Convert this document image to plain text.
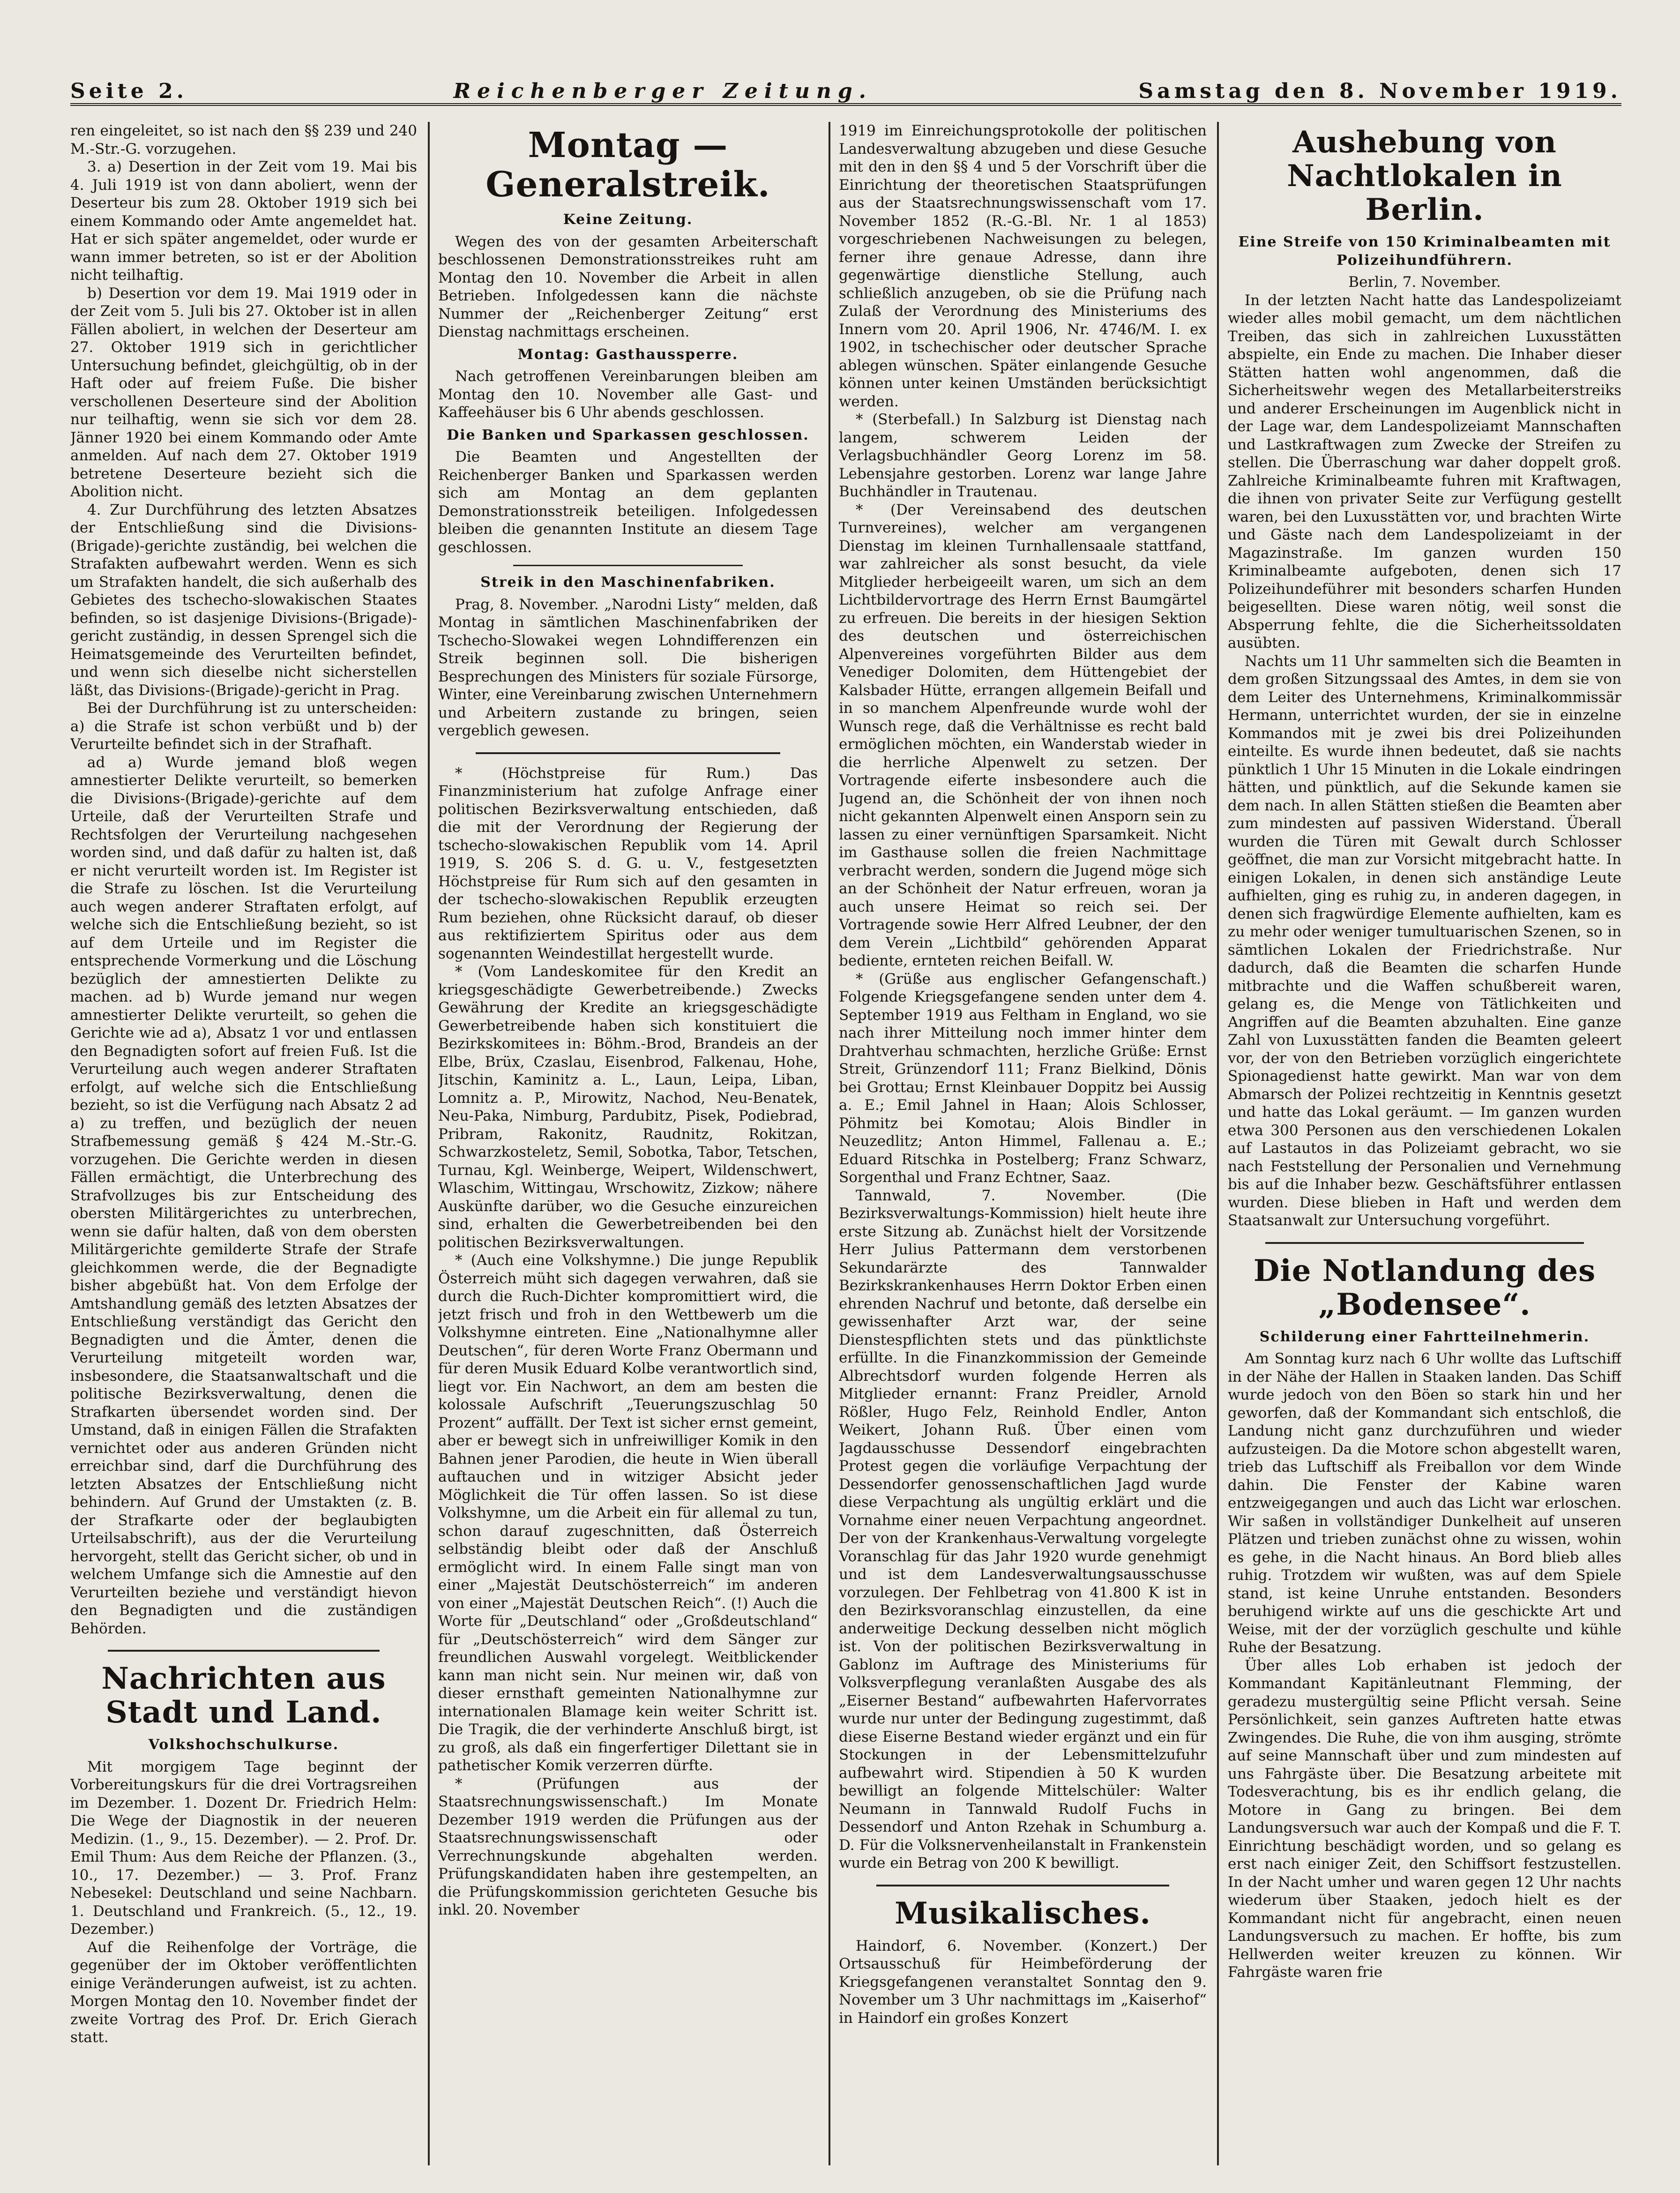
Seite 2.	Reichenberger Zeitung.	Samstag den 8. November 1919.

ren eingeleitet, so ist nach den §§ 239 und 240 M.-Str.-G. vorzugehen.

3. a) Desertion in der Zeit vom 19. Mai bis 4. Juli 1919 ist von dann aboliert, wenn der Deserteur bis zum 28. Oktober 1919 sich bei einem Kommando oder Amte angemeldet hat. Hat er sich später angemeldet, oder wurde er wann immer betreten, so ist er der Abolition nicht teilhaftig.

b) Desertion vor dem 19. Mai 1919 oder in der Zeit vom 5. Juli bis 27. Oktober ist in allen Fällen aboliert, in welchen der Deserteur am 27. Oktober 1919 sich in gerichtlicher Untersuchung befindet, gleichgültig, ob in der Haft oder auf freiem Fuße. Die bisher verschollenen Deserteure sind der Abolition nur teilhaftig, wenn sie sich vor dem 28. Jänner 1920 bei einem Kommando oder Amte anmelden. Auf nach dem 27. Oktober 1919 betretene Deserteure bezieht sich die Abolition nicht.

4. Zur Durchführung des letzten Absatzes der Entschließung sind die Divisions-(Brigade)-gerichte zuständig, bei welchen die Strafakten aufbewahrt werden. Wenn es sich um Strafakten handelt, die sich außerhalb des Gebietes des tschecho-slowakischen Staates befinden, so ist dasjenige Divisions-(Brigade)-gericht zuständig, in dessen Sprengel sich die Heimatsgemeinde des Verurteilten befindet, und wenn sich dieselbe nicht sicherstellen läßt, das Divisions-(Brigade)-gericht in Prag.

Bei der Durchführung ist zu unterscheiden: a) die Strafe ist schon verbüßt und b) der Verurteilte befindet sich in der Strafhaft.

ad a) Wurde jemand bloß wegen amnestierter Delikte verurteilt, so bemerken die Divisions-(Brigade)-gerichte auf dem Urteile, daß der Verurteilten Strafe und Rechtsfolgen der Verurteilung nachgesehen worden sind, und daß dafür zu halten ist, daß er nicht verurteilt worden ist. Im Register ist die Strafe zu löschen. Ist die Verurteilung auch wegen anderer Straftaten erfolgt, auf welche sich die Entschließung bezieht, so ist auf dem Urteile und im Register die entsprechende Vormerkung und die Löschung bezüglich der amnestierten Delikte zu machen. ad b) Wurde jemand nur wegen amnestierter Delikte verurteilt, so gehen die Gerichte wie ad a), Absatz 1 vor und entlassen den Begnadigten sofort auf freien Fuß. Ist die Verurteilung auch wegen anderer Straftaten erfolgt, auf welche sich die Entschließung bezieht, so ist die Verfügung nach Absatz 2 ad a) zu treffen, und bezüglich der neuen Strafbemessung gemäß § 424 M.-Str.-G. vorzugehen. Die Gerichte werden in diesen Fällen ermächtigt, die Unterbrechung des Strafvollzuges bis zur Entscheidung des obersten Militärgerichtes zu unterbrechen, wenn sie dafür halten, daß von dem obersten Militärgerichte gemilderte Strafe der Strafe gleichkommen werde, die der Begnadigte bisher abgebüßt hat. Von dem Erfolge der Amtshandlung gemäß des letzten Absatzes der Entschließung verständigt das Gericht den Begnadigten und die Ämter, denen die Verurteilung mitgeteilt worden war, insbesondere, die Staatsanwaltschaft und die politische Bezirksverwaltung, denen die Strafkarten übersendet worden sind. Der Umstand, daß in einigen Fällen die Strafakten vernichtet oder aus anderen Gründen nicht erreichbar sind, darf die Durchführung des letzten Absatzes der Entschließung nicht behindern. Auf Grund der Umstakten (z. B. der Strafkarte oder der beglaubigten Urteilsabschrift), aus der die Verurteilung hervorgeht, stellt das Gericht sicher, ob und in welchem Umfange sich die Amnestie auf den Verurteilten beziehe und verständigt hievon den Begnadigten und die zuständigen Behörden.

Nachrichten aus Stadt und Land.
Volkshochschulkurse.

Mit morgigem Tage beginnt der Vorbereitungskurs für die drei Vortragsreihen im Dezember. 1. Dozent Dr. Friedrich Helm: Die Wege der Diagnostik in der neueren Medizin. (1., 9., 15. Dezember). — 2. Prof. Dr. Emil Thum: Aus dem Reiche der Pflanzen. (3., 10., 17. Dezember.) — 3. Prof. Franz Nebesekel: Deutschland und seine Nachbarn. 1. Deutschland und Frankreich. (5., 12., 19. Dezember.)

Auf die Reihenfolge der Vorträge, die gegenüber der im Oktober veröffentlichten einige Veränderungen aufweist, ist zu achten. Morgen Montag den 10. November findet der zweite Vortrag des Prof. Dr. Erich Gierach statt.

Montag — Generalstreik.
Keine Zeitung.

Wegen des von der gesamten Arbeiterschaft beschlossenen Demonstrationsstreikes ruht am Montag den 10. November die Arbeit in allen Betrieben. Infolgedessen kann die nächste Nummer der „Reichenberger Zeitung“ erst Dienstag nachmittags erscheinen.

Montag: Gasthaussperre.

Nach getroffenen Vereinbarungen bleiben am Montag den 10. November alle Gast- und Kaffeehäuser bis 6 Uhr abends geschlossen.

Die Banken und Sparkassen geschlossen.

Die Beamten und Angestellten der Reichenberger Banken und Sparkassen werden sich am Montag an dem geplanten Demonstrationsstreik beteiligen. Infolgedessen bleiben die genannten Institute an diesem Tage geschlossen.

Streik in den Maschinenfabriken.

Prag, 8. November. „Narodni Listy“ melden, daß Montag in sämtlichen Maschinenfabriken der Tschecho-Slowakei wegen Lohndifferenzen ein Streik beginnen soll. Die bisherigen Besprechungen des Ministers für soziale Fürsorge, Winter, eine Vereinbarung zwischen Unternehmern und Arbeitern zustande zu bringen, seien vergeblich gewesen.

* (Höchstpreise für Rum.) Das Finanzministerium hat zufolge Anfrage einer politischen Bezirksverwaltung entschieden, daß die mit der Verordnung der Regierung der tschecho-slowakischen Republik vom 14. April 1919, S. 206 S. d. G. u. V., festgesetzten Höchstpreise für Rum sich auf den gesamten in der tschecho-slowakischen Republik erzeugten Rum beziehen, ohne Rücksicht darauf, ob dieser aus rektifiziertem Spiritus oder aus dem sogenannten Weindestillat hergestellt wurde.

* (Vom Landeskomitee für den Kredit an kriegsgeschädigte Gewerbetreibende.) Zwecks Gewährung der Kredite an kriegsgeschädigte Gewerbetreibende haben sich konstituiert die Bezirkskomitees in: Böhm.-Brod, Brandeis an der Elbe, Brüx, Czaslau, Eisenbrod, Falkenau, Hohe, Jitschin, Kaminitz a. L., Laun, Leipa, Liban, Lomnitz a. P., Mirowitz, Nachod, Neu-Benatek, Neu-Paka, Nimburg, Pardubitz, Pisek, Podiebrad, Pribram, Rakonitz, Raudnitz, Rokitzan, Schwarzkosteletz, Semil, Sobotka, Tabor, Tetschen, Turnau, Kgl. Weinberge, Weipert, Wildenschwert, Wlaschim, Wittingau, Wrschowitz, Zizkow; nähere Auskünfte darüber, wo die Gesuche einzureichen sind, erhalten die Gewerbetreibenden bei den politischen Bezirksverwaltungen.

* (Auch eine Volkshymne.) Die junge Republik Österreich müht sich dagegen verwahren, daß sie durch die Ruch-Dichter kompromittiert wird, die jetzt frisch und froh in den Wettbewerb um die Volkshymne eintreten. Eine „Nationalhymne aller Deutschen“, für deren Worte Franz Obermann und für deren Musik Eduard Kolbe verantwortlich sind, liegt vor. Ein Nachwort, an dem am besten die kolossale Aufschrift „Teuerungszuschlag 50 Prozent“ auffällt. Der Text ist sicher ernst gemeint, aber er bewegt sich in unfreiwilliger Komik in den Bahnen jener Parodien, die heute in Wien überall auftauchen und in witziger Absicht jeder Möglichkeit die Tür offen lassen. So ist diese Volkshymne, um die Arbeit ein für allemal zu tun, schon darauf zugeschnitten, daß Österreich selbständig bleibt oder daß der Anschluß ermöglicht wird. In einem Falle singt man von einer „Majestät Deutschösterreich“ im anderen von einer „Majestät Deutschen Reich“. (!) Auch die Worte für „Deutschland“ oder „Großdeutschland“ für „Deutschösterreich“ wird dem Sänger zur freundlichen Auswahl vorgelegt. Weitblickender kann man nicht sein. Nur meinen wir, daß von dieser ernsthaft gemeinten Nationalhymne zur internationalen Blamage kein weiter Schritt ist. Die Tragik, die der verhinderte Anschluß birgt, ist zu groß, als daß ein fingerfertiger Dilettant sie in pathetischer Komik verzerren dürfte.

* (Prüfungen aus der Staatsrechnungswissenschaft.) Im Monate Dezember 1919 werden die Prüfungen aus der Staatsrechnungswissenschaft oder Verrechnungskunde abgehalten werden. Prüfungskandidaten haben ihre gestempelten, an die Prüfungskommission gerichteten Gesuche bis inkl. 20. November

1919 im Einreichungsprotokolle der politischen Landesverwaltung abzugeben und diese Gesuche mit den in den §§ 4 und 5 der Vorschrift über die Einrichtung der theoretischen Staatsprüfungen aus der Staatsrechnungswissenschaft vom 17. November 1852 (R.-G.-Bl. Nr. 1 al 1853) vorgeschriebenen Nachweisungen zu belegen, ferner ihre genaue Adresse, dann ihre gegenwärtige dienstliche Stellung, auch schließlich anzugeben, ob sie die Prüfung nach Zulaß der Verordnung des Ministeriums des Innern vom 20. April 1906, Nr. 4746/M. I. ex 1902, in tschechischer oder deutscher Sprache ablegen wünschen. Später einlangende Gesuche können unter keinen Umständen berücksichtigt werden.

* (Sterbefall.) In Salzburg ist Dienstag nach langem, schwerem Leiden der Verlagsbuchhändler Georg Lorenz im 58. Lebensjahre gestorben. Lorenz war lange Jahre Buchhändler in Trautenau.

* (Der Vereinsabend des deutschen Turnvereines), welcher am vergangenen Dienstag im kleinen Turnhallensaale stattfand, war zahlreicher als sonst besucht, da viele Mitglieder herbeigeeilt waren, um sich an dem Lichtbildervortrage des Herrn Ernst Baumgärtel zu erfreuen. Die bereits in der hiesigen Sektion des deutschen und österreichischen Alpenvereines vorgeführten Bilder aus dem Venediger Dolomiten, dem Hüttengebiet der Kalsbader Hütte, errangen allgemein Beifall und in so manchem Alpenfreunde wurde wohl der Wunsch rege, daß die Verhältnisse es recht bald ermöglichen möchten, ein Wanderstab wieder in die herrliche Alpenwelt zu setzen. Der Vortragende eiferte insbesondere auch die Jugend an, die Schönheit der von ihnen noch nicht gekannten Alpenwelt einen Ansporn sein zu lassen zu einer vernünftigen Sparsamkeit. Nicht im Gasthause sollen die freien Nachmittage verbracht werden, sondern die Jugend möge sich an der Schönheit der Natur erfreuen, woran ja auch unsere Heimat so reich sei. Der Vortragende sowie Herr Alfred Leubner, der den dem Verein „Lichtbild“ gehörenden Apparat bediente, ernteten reichen Beifall. W.

* (Grüße aus englischer Gefangenschaft.) Folgende Kriegsgefangene senden unter dem 4. September 1919 aus Feltham in England, wo sie nach ihrer Mitteilung noch immer hinter dem Drahtverhau schmachten, herzliche Grüße: Ernst Streit, Grünzendorf 111; Franz Bielkind, Dönis bei Grottau; Ernst Kleinbauer Doppitz bei Aussig a. E.; Emil Jahnel in Haan; Alois Schlosser, Pöhmitz bei Komotau; Alois Bindler in Neuzedlitz; Anton Himmel, Fallenau a. E.; Eduard Ritschka in Postelberg; Franz Schwarz, Sorgenthal und Franz Echtner, Saaz.

Tannwald, 7. November. (Die Bezirksverwaltungs-Kommission) hielt heute ihre erste Sitzung ab. Zunächst hielt der Vorsitzende Herr Julius Pattermann dem verstorbenen Sekundarärzte des Tannwalder Bezirkskrankenhauses Herrn Doktor Erben einen ehrenden Nachruf und betonte, daß derselbe ein gewissenhafter Arzt war, der seine Dienstespflichten stets und das pünktlichste erfüllte. In die Finanzkommission der Gemeinde Albrechtsdorf wurden folgende Herren als Mitglieder ernannt: Franz Preidler, Arnold Rößler, Hugo Felz, Reinhold Endler, Anton Weikert, Johann Ruß. Über einen vom Jagdausschusse Dessendorf eingebrachten Protest gegen die vorläufige Verpachtung der Dessendorfer genossenschaftlichen Jagd wurde diese Verpachtung als ungültig erklärt und die Vornahme einer neuen Verpachtung angeordnet. Der von der Krankenhaus-Verwaltung vorgelegte Voranschlag für das Jahr 1920 wurde genehmigt und ist dem Landesverwaltungsausschusse vorzulegen. Der Fehlbetrag von 41.800 K ist in den Bezirksvoranschlag einzustellen, da eine anderweitige Deckung desselben nicht möglich ist. Von der politischen Bezirksverwaltung in Gablonz im Auftrage des Ministeriums für Volksverpflegung veranlaßten Ausgabe des als „Eiserner Bestand“ aufbewahrten Hafervorrates wurde nur unter der Bedingung zugestimmt, daß diese Eiserne Bestand wieder ergänzt und ein für Stockungen in der Lebensmittelzufuhr aufbewahrt wird. Stipendien à 50 K wurden bewilligt an folgende Mittelschüler: Walter Neumann in Tannwald Rudolf Fuchs in Dessendorf und Anton Rzehak in Schumburg a. D. Für die Volksnervenheilanstalt in Frankenstein wurde ein Betrag von 200 K bewilligt.

Musikalisches.

Haindorf, 6. November. (Konzert.) Der Ortsausschuß für Heimbeförderung der Kriegsgefangenen veranstaltet Sonntag den 9. November um 3 Uhr nachmittags im „Kaiserhof“ in Haindorf ein großes Konzert

Aushebung von Nachtlokalen in Berlin.
Eine Streife von 150 Kriminalbeamten mit Polizeihundführern.

Berlin, 7. November.

In der letzten Nacht hatte das Landespolizeiamt wieder alles mobil gemacht, um dem nächtlichen Treiben, das sich in zahlreichen Luxusstätten abspielte, ein Ende zu machen. Die Inhaber dieser Stätten hatten wohl angenommen, daß die Sicherheitswehr wegen des Metallarbeiterstreiks und anderer Erscheinungen im Augenblick nicht in der Lage war, dem Landespolizeiamt Mannschaften und Lastkraftwagen zum Zwecke der Streifen zu stellen. Die Überraschung war daher doppelt groß. Zahlreiche Kriminalbeamte fuhren mit Kraftwagen, die ihnen von privater Seite zur Verfügung gestellt waren, bei den Luxusstätten vor, und brachten Wirte und Gäste nach dem Landespolizeiamt in der Magazinstraße. Im ganzen wurden 150 Kriminalbeamte aufgeboten, denen sich 17 Polizeihundeführer mit besonders scharfen Hunden beigesellten. Diese waren nötig, weil sonst die Absperrung fehlte, die die Sicherheitssoldaten ausübten.

Nachts um 11 Uhr sammelten sich die Beamten in dem großen Sitzungssaal des Amtes, in dem sie von dem Leiter des Unternehmens, Kriminalkommissär Hermann, unterrichtet wurden, der sie in einzelne Kommandos mit je zwei bis drei Polizeihunden einteilte. Es wurde ihnen bedeutet, daß sie nachts pünktlich 1 Uhr 15 Minuten in die Lokale eindringen hätten, und pünktlich, auf die Sekunde kamen sie dem nach. In allen Stätten stießen die Beamten aber zum mindesten auf passiven Widerstand. Überall wurden die Türen mit Gewalt durch Schlosser geöffnet, die man zur Vorsicht mitgebracht hatte. In einigen Lokalen, in denen sich anständige Leute aufhielten, ging es ruhig zu, in anderen dagegen, in denen sich fragwürdige Elemente aufhielten, kam es zu mehr oder weniger tumultuarischen Szenen, so in sämtlichen Lokalen der Friedrichstraße. Nur dadurch, daß die Beamten die scharfen Hunde mitbrachte und die Waffen schußbereit waren, gelang es, die Menge von Tätlichkeiten und Angriffen auf die Beamten abzuhalten. Eine ganze Zahl von Luxusstätten fanden die Beamten geleert vor, der von den Betrieben vorzüglich eingerichtete Spionagedienst hatte gewirkt. Man war von dem Abmarsch der Polizei rechtzeitig in Kenntnis gesetzt und hatte das Lokal geräumt. — Im ganzen wurden etwa 300 Personen aus den verschiedenen Lokalen auf Lastautos in das Polizeiamt gebracht, wo sie nach Feststellung der Personalien und Vernehmung bis auf die Inhaber bezw. Geschäftsführer entlassen wurden. Diese blieben in Haft und werden dem Staatsanwalt zur Untersuchung vorgeführt.

Die Notlandung des „Bodensee“.
Schilderung einer Fahrtteilnehmerin.

Am Sonntag kurz nach 6 Uhr wollte das Luftschiff in der Nähe der Hallen in Staaken landen. Das Schiff wurde jedoch von den Böen so stark hin und her geworfen, daß der Kommandant sich entschloß, die Landung nicht ganz durchzuführen und wieder aufzusteigen. Da die Motore schon abgestellt waren, trieb das Luftschiff als Freiballon vor dem Winde dahin. Die Fenster der Kabine waren entzweigegangen und auch das Licht war erloschen. Wir saßen in vollständiger Dunkelheit auf unseren Plätzen und trieben zunächst ohne zu wissen, wohin es gehe, in die Nacht hinaus. An Bord blieb alles ruhig. Trotzdem wir wußten, was auf dem Spiele stand, ist keine Unruhe entstanden. Besonders beruhigend wirkte auf uns die geschickte Art und Weise, mit der der vorzüglich geschulte und kühle Ruhe der Besatzung.

Über alles Lob erhaben ist jedoch der Kommandant Kapitänleutnant Flemming, der geradezu mustergültig seine Pflicht versah. Seine Persönlichkeit, sein ganzes Auftreten hatte etwas Zwingendes. Die Ruhe, die von ihm ausging, strömte auf seine Mannschaft über und zum mindesten auf uns Fahrgäste über. Die Besatzung arbeitete mit Todesverachtung, bis es ihr endlich gelang, die Motore in Gang zu bringen. Bei dem Landungsversuch war auch der Kompaß und die F. T. Einrichtung beschädigt worden, und so gelang es erst nach einiger Zeit, den Schiffsort festzustellen. In der Nacht umher und waren gegen 12 Uhr nachts wiederum über Staaken, jedoch hielt es der Kommandant nicht für angebracht, einen neuen Landungsversuch zu machen. Er hoffte, bis zum Hellwerden weiter kreuzen zu können. Wir Fahrgäste waren frie
